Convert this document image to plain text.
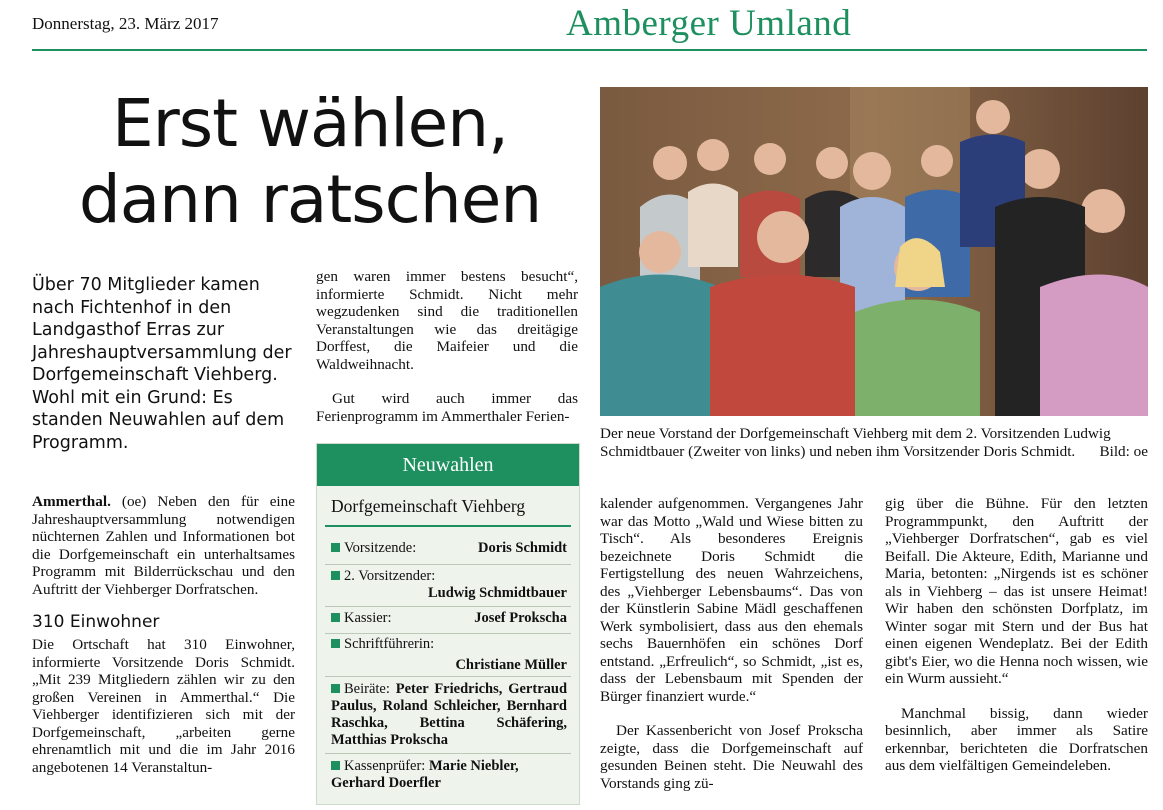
Donnerstag, 23. März 2017	Amberger Umland
Erst wählen,
dann ratschen
Über 70 Mitglieder kamen nach Fichtenhof in den Landgasthof Erras zur Jahreshauptversammlung der Dorfgemeinschaft Viehberg. Wohl mit ein Grund: Es standen Neuwahlen auf dem Programm.
Ammerthal. (oe) Neben den für eine Jahreshauptversammlung notwendigen nüchternen Zahlen und Informationen bot die Dorfgemeinschaft ein unterhaltsames Programm mit Bilderrückschau und den Auftritt der Viehberger Dorfratschen.
310 Einwohner
Die Ortschaft hat 310 Einwohner, informierte Vorsitzende Doris Schmidt. „Mit 239 Mitgliedern zählen wir zu den großen Vereinen in Ammerthal.“ Die Viehberger identifizieren sich mit der Dorfgemeinschaft, „arbeiten gerne ehrenamtlich mit und die im Jahr 2016 angebotenen 14 Veranstaltun-
gen waren immer bestens besucht“, informierte Schmidt. Nicht mehr wegzudenken sind die traditionellen Veranstaltungen wie das dreitägige Dorffest, die Maifeier und die Waldweihnacht.
Gut wird auch immer das Ferienprogramm im Ammerthaler Ferien-
Neuwahlen
Dorfgemeinschaft Viehberg
Vorsitzende:	Doris Schmidt
2. Vorsitzender:
Ludwig Schmidtbauer
Kassier:	Josef Prokscha
Schriftführerin:
Christiane Müller
Beiräte: Peter Friedrichs, Gertraud Paulus, Roland Schleicher, Bernhard Raschka, Bettina Schäfering, Matthias Prokscha
Kassenprüfer: Marie Niebler, Gerhard Doerfler
Der neue Vorstand der Dorfgemeinschaft Viehberg mit dem 2. Vorsitzenden Ludwig Schmidtbauer (Zweiter von links) und neben ihm Vorsitzender Doris Schmidt. Bild: oe
kalender aufgenommen. Vergangenes Jahr war das Motto „Wald und Wiese bitten zu Tisch“. Als besonderes Ereignis bezeichnete Doris Schmidt die Fertigstellung des neuen Wahrzeichens, des „Viehberger Lebensbaums“. Das von der Künstlerin Sabine Mädl geschaffenen Werk symbolisiert, dass aus den ehemals sechs Bauernhöfen ein schönes Dorf entstand. „Erfreulich“, so Schmidt, „ist es, dass der Lebensbaum mit Spenden der Bürger finanziert wurde.“
Der Kassenbericht von Josef Prokscha zeigte, dass die Dorfgemeinschaft auf gesunden Beinen steht. Die Neuwahl des Vorstands ging zü-
gig über die Bühne. Für den letzten Programmpunkt, den Auftritt der „Viehberger Dorfratschen“, gab es viel Beifall. Die Akteure, Edith, Marianne und Maria, betonten: „Nirgends ist es schöner als in Viehberg – das ist unsere Heimat! Wir haben den schönsten Dorfplatz, im Winter sogar mit Stern und der Bus hat einen eigenen Wendeplatz. Bei der Edith gibt's Eier, wo die Henna noch wissen, wie ein Wurm aussieht.“
Manchmal bissig, dann wieder besinnlich, aber immer als Satire erkennbar, berichteten die Dorfratschen aus dem vielfältigen Gemeindeleben.
